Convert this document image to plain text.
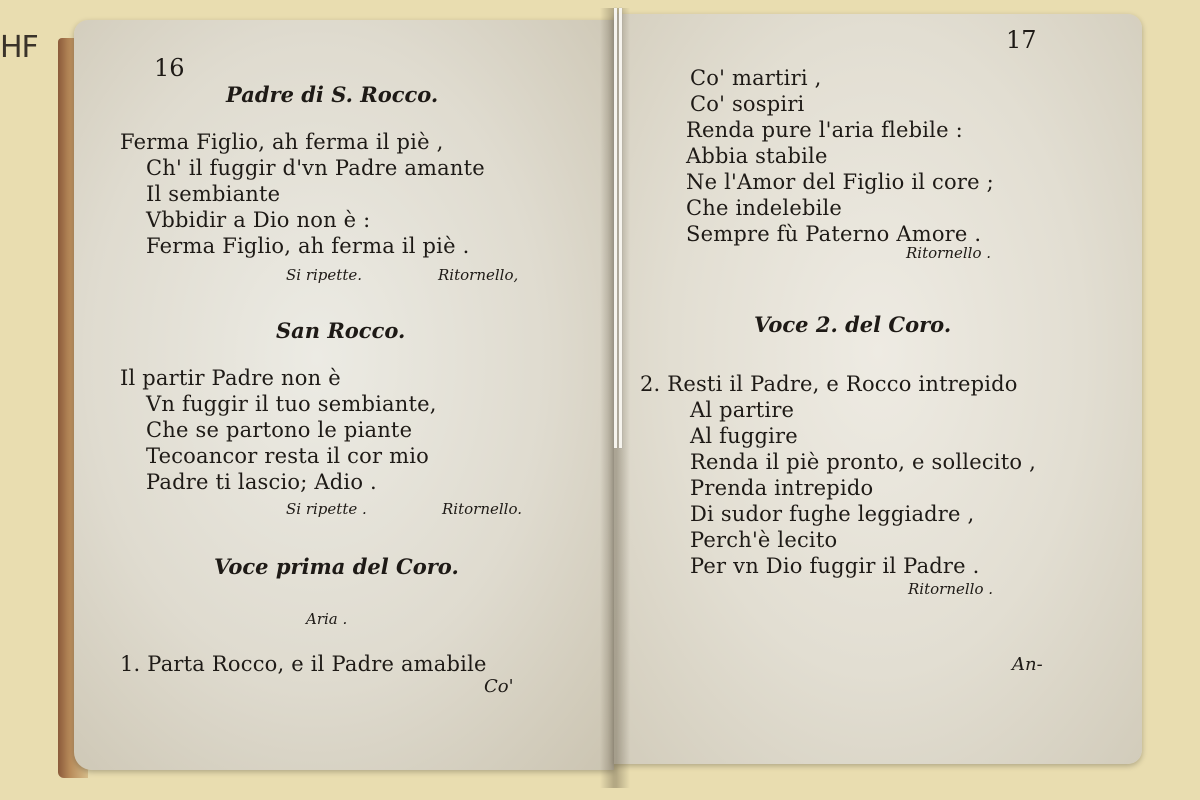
HF
16
Padre di S. Rocco.
Ferma Figlio, ah ferma il piè ,
Ch' il fuggir d'vn Padre amante
Il sembiante
Vbbidir a Dio non è :
Ferma Figlio, ah ferma il piè .
Si ripette.	Ritornello,
San Rocco.
Il partir Padre non è
Vn fuggir il tuo sembiante,
Che se partono le piante
Tecoancor resta il cor mio
Padre ti lascio; Adio .
Si ripette .	Ritornello.
Voce prima del Coro.
Aria .
1. Parta Rocco, e il Padre amabile
Co'
17
Co' martiri ,
Co' sospiri
Renda pure l'aria flebile :
Abbia stabile
Ne l'Amor del Figlio il core ;
Che indelebile
Sempre fù Paterno Amore .
Ritornello .
Voce 2. del Coro.
2. Resti il Padre, e Rocco intrepido
Al partire
Al fuggire
Renda il piè pronto, e sollecito ,
Prenda intrepido
Di sudor fughe leggiadre ,
Perch'è lecito
Per vn Dio fuggir il Padre .
Ritornello .
An-
